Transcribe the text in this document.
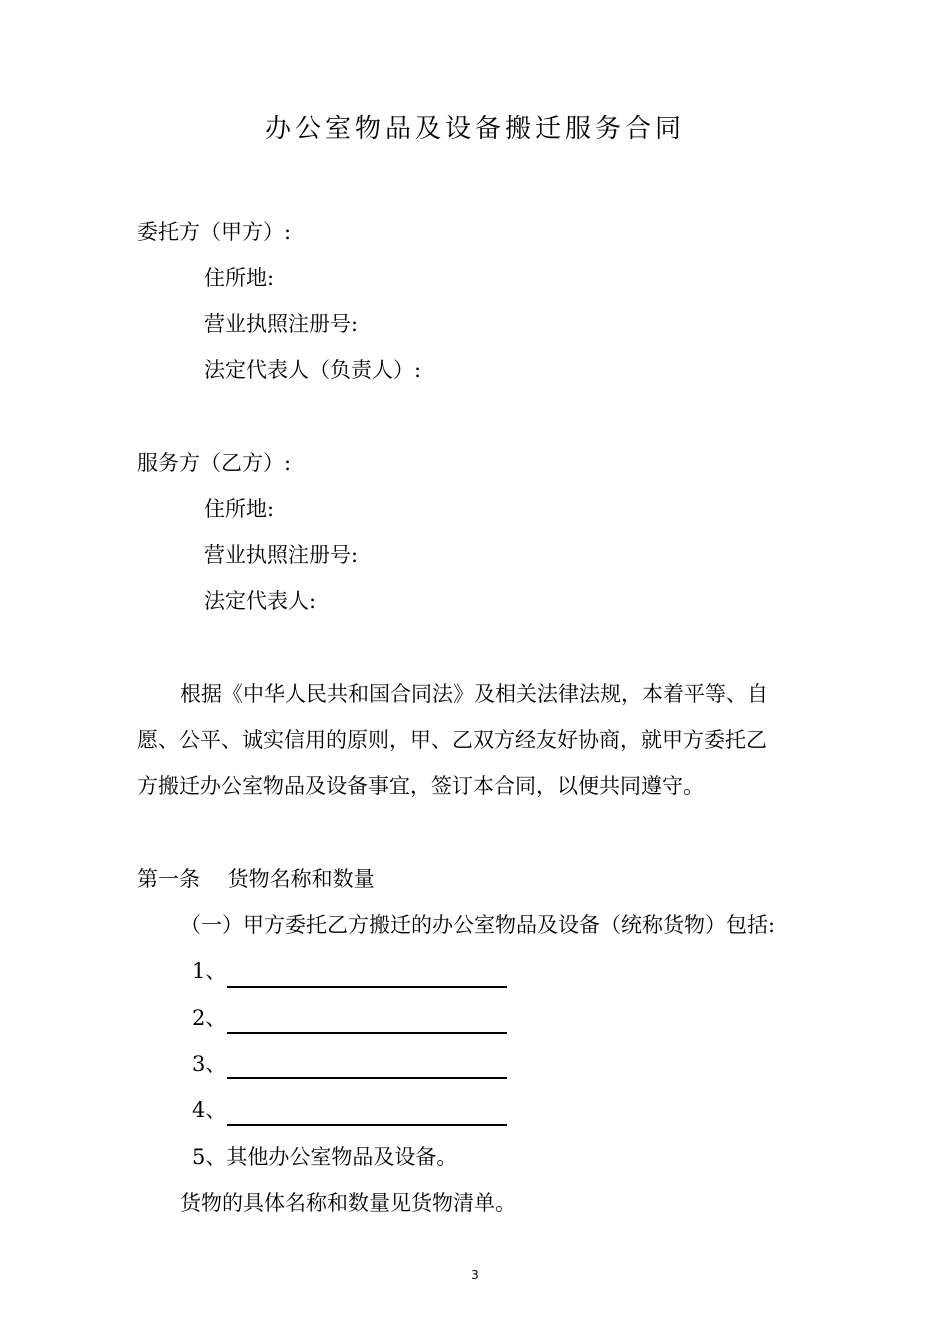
办公室物品及设备搬迁服务合同
委托方（甲方）:
住所地:
营业执照注册号:
法定代表人（负责人）:
服务方（乙方）:
住所地:
营业执照注册号:
法定代表人:
根据《中华人民共和国合同法》及相关法律法规，本着平等、自
愿、公平、诚实信用的原则，甲、乙双方经友好协商，就甲方委托乙
方搬迁办公室物品及设备事宜，签订本合同，以便共同遵守。
第一条　 货物名称和数量
（一）甲方委托乙方搬迁的办公室物品及设备（统称货物）包括:
1、
2、
3、
4、
5、其他办公室物品及设备。
货物的具体名称和数量见货物清单。
3
